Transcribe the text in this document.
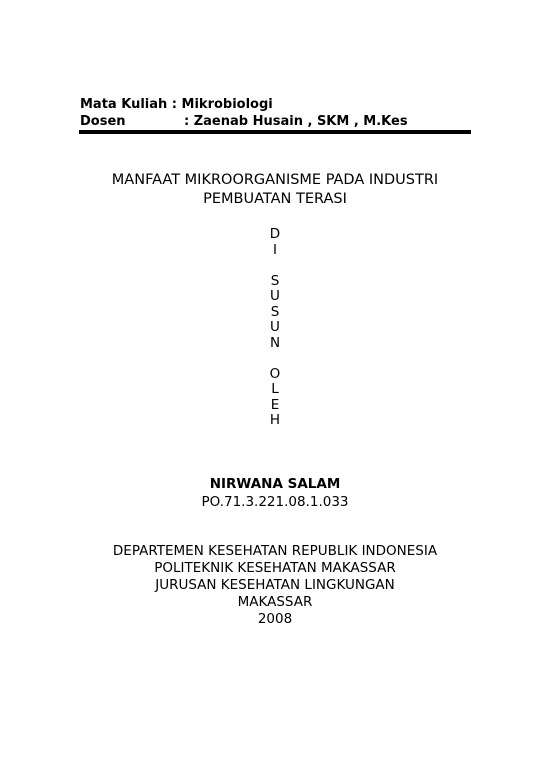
Mata Kuliah :
Mikrobiologi
Dosen	: Zaenab Husain , SKM , M.Kes
MANFAAT MIKROORGANISME PADA INDUSTRI
PEMBUATAN TERASI
D
I
S
U
S
U
N
O
L
E
H
NIRWANA SALAM
PO.71.3.221.08.1.033
DEPARTEMEN KESEHATAN REPUBLIK INDONESIA
POLITEKNIK KESEHATAN MAKASSAR
JURUSAN KESEHATAN LINGKUNGAN
MAKASSAR
2008
